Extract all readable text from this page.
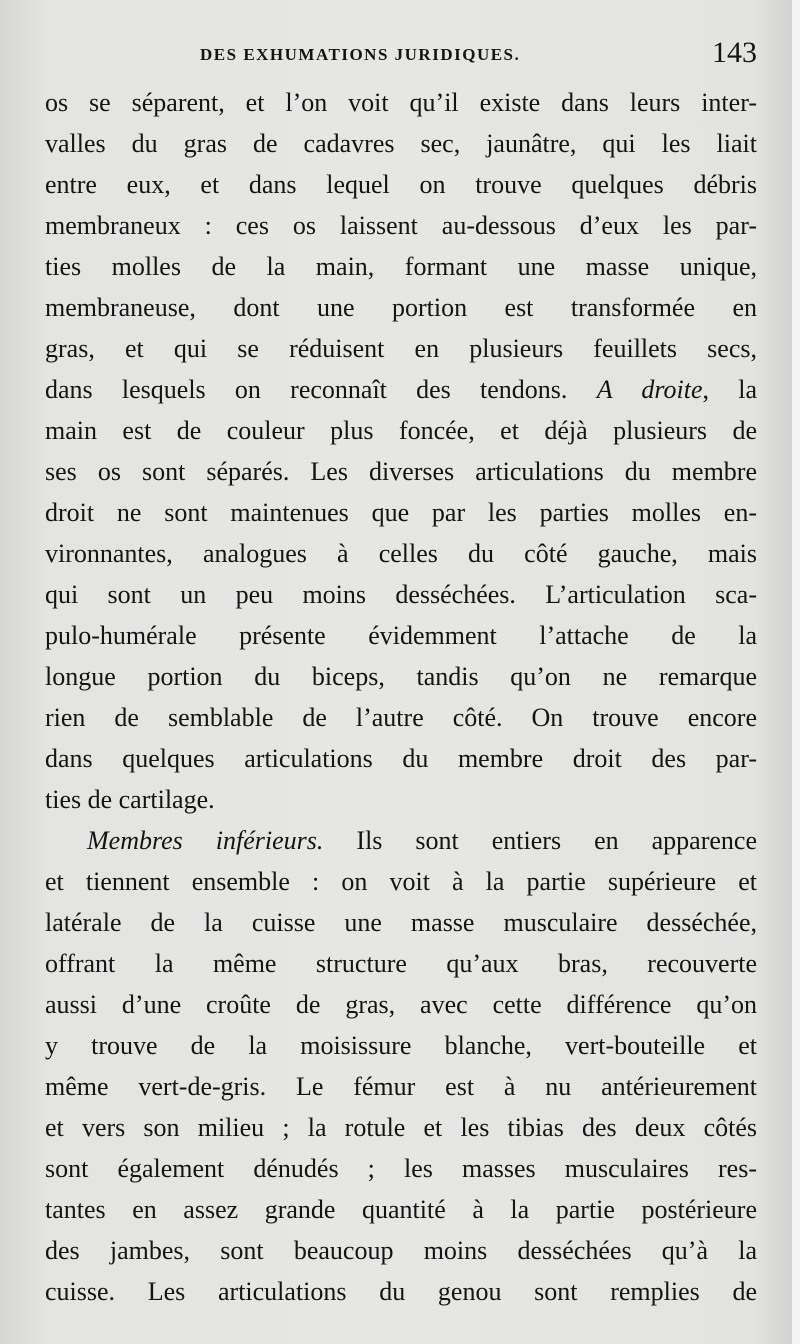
DES EXHUMATIONS JURIDIQUES.	143
os se séparent, et l’on voit qu’il existe dans leurs inter-
valles du gras de cadavres sec, jaunâtre, qui les liait
entre eux, et dans lequel on trouve quelques débris
membraneux : ces os laissent au-dessous d’eux les par-
ties molles de la main, formant une masse unique,
membraneuse, dont une portion est transformée en
gras, et qui se réduisent en plusieurs feuillets secs,
dans lesquels on reconnaît des tendons. A droite, la
main est de couleur plus foncée, et déjà plusieurs de
ses os sont séparés. Les diverses articulations du membre
droit ne sont maintenues que par les parties molles en-
vironnantes, analogues à celles du côté gauche, mais
qui sont un peu moins desséchées. L’articulation sca-
pulo-humérale présente évidemment l’attache de la
longue portion du biceps, tandis qu’on ne remarque
rien de semblable de l’autre côté. On trouve encore
dans quelques articulations du membre droit des par-
ties de cartilage.
Membres inférieurs. Ils sont entiers en apparence
et tiennent ensemble : on voit à la partie supérieure et
latérale de la cuisse une masse musculaire desséchée,
offrant la même structure qu’aux bras, recouverte
aussi d’une croûte de gras, avec cette différence qu’on
y trouve de la moisissure blanche, vert-bouteille et
même vert-de-gris. Le fémur est à nu antérieurement
et vers son milieu ; la rotule et les tibias des deux côtés
sont également dénudés ; les masses musculaires res-
tantes en assez grande quantité à la partie postérieure
des jambes, sont beaucoup moins desséchées qu’à la
cuisse. Les articulations du genou sont remplies de
